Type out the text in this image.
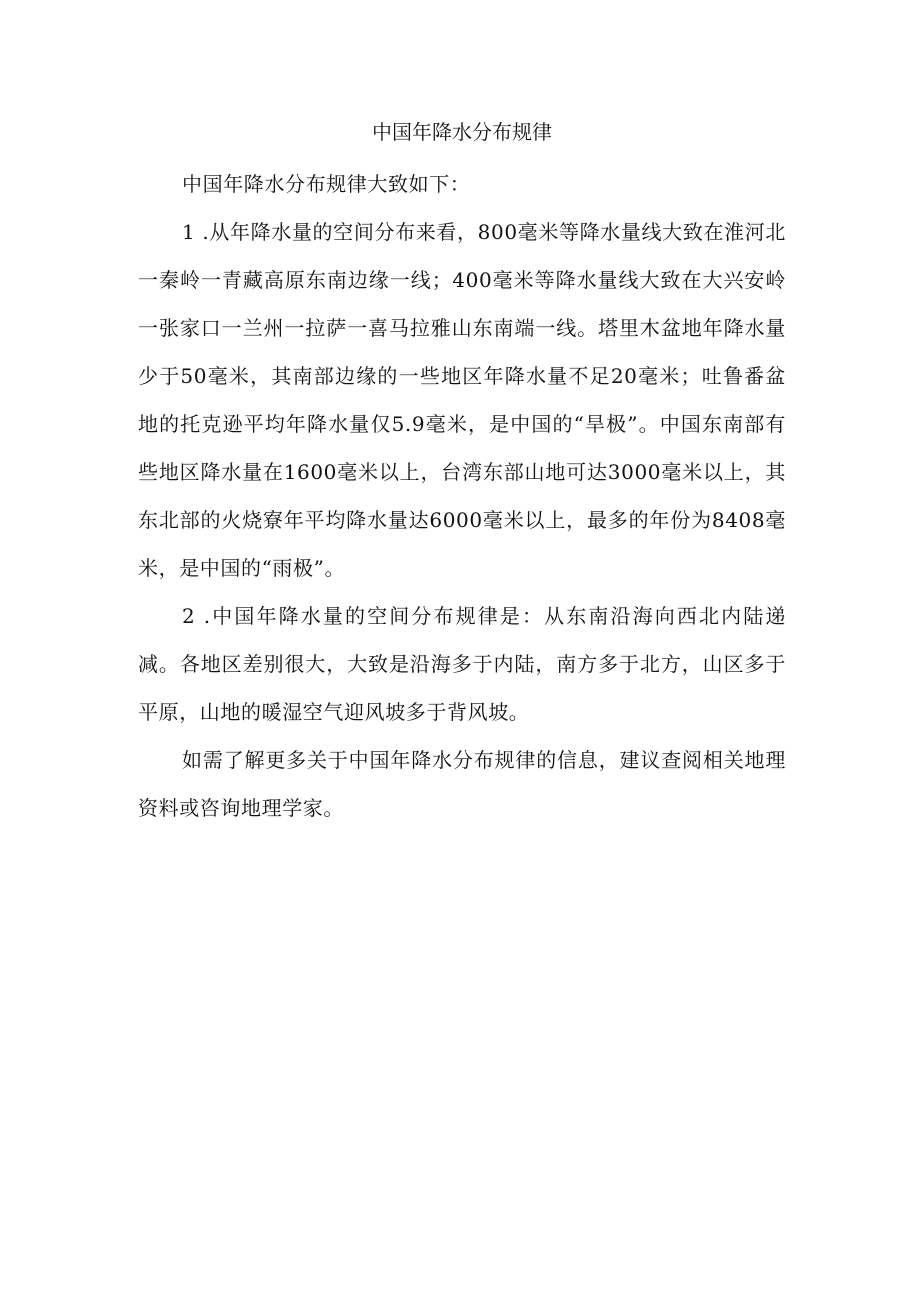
中国年降水分布规律

中国年降水分布规律大致如下：

1 .从年降水量的空间分布来看，800毫米等降水量线大致在淮河北一秦岭一青藏高原东南边缘一线；400毫米等降水量线大致在大兴安岭一张家口一兰州一拉萨一喜马拉雅山东南端一线。塔里木盆地年降水量少于50毫米，其南部边缘的一些地区年降水量不足20毫米；吐鲁番盆地的托克逊平均年降水量仅5.9毫米，是中国的“旱极”。中国东南部有些地区降水量在1600毫米以上，台湾东部山地可达3000毫米以上，其东北部的火烧寮年平均降水量达6000毫米以上，最多的年份为8408毫米，是中国的“雨极”。

2 .中国年降水量的空间分布规律是：从东南沿海向西北内陆递减。各地区差别很大，大致是沿海多于内陆，南方多于北方，山区多于平原，山地的暖湿空气迎风坡多于背风坡。

如需了解更多关于中国年降水分布规律的信息，建议查阅相关地理资料或咨询地理学家。
